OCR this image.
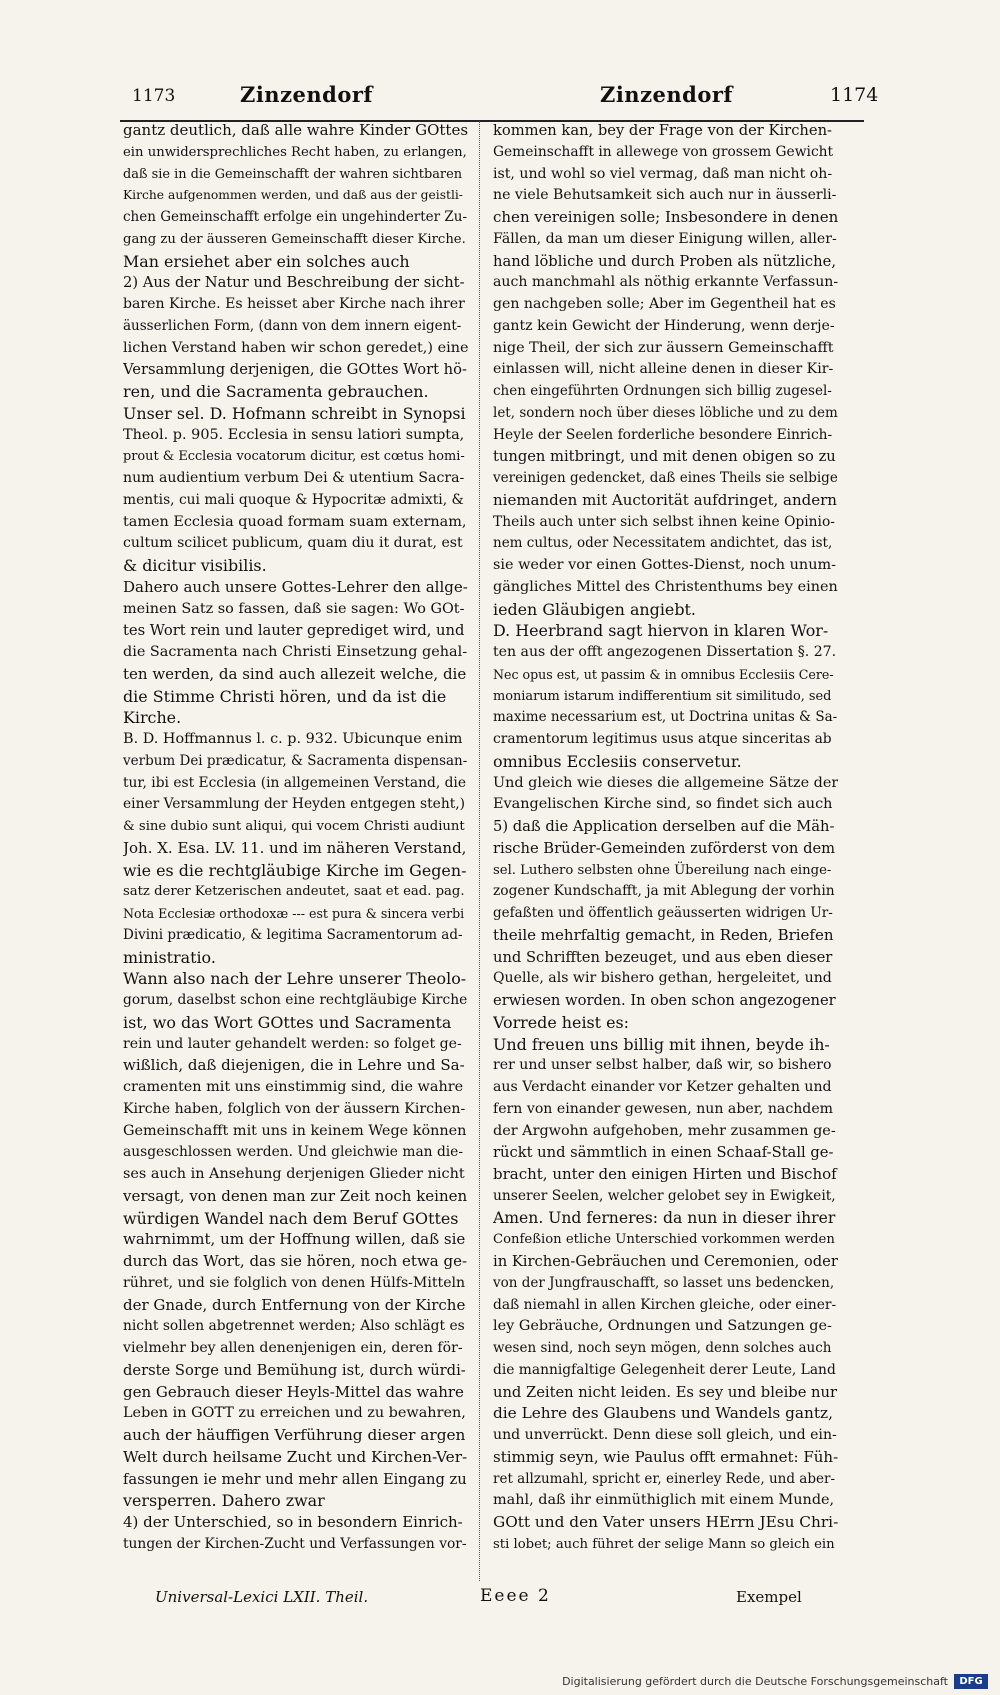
1173	Zinzendorf	Zinzendorf	1174

gantz deutlich, daß alle wahre Kinder GOttes

ein unwidersprechliches Recht haben, zu erlangen,

daß sie in die Gemeinschafft der wahren sichtbaren

Kirche aufgenommen werden, und daß aus der geistli-

chen Gemeinschafft erfolge ein ungehinderter Zu-

gang zu der äusseren Gemeinschafft dieser Kirche.

Man ersiehet aber ein solches auch

2) Aus der Natur und Beschreibung der sicht-

baren Kirche. Es heisset aber Kirche nach ihrer

äusserlichen Form, (dann von dem innern eigent-

lichen Verstand haben wir schon geredet,) eine

Versammlung derjenigen, die GOttes Wort hö-

ren, und die Sacramenta gebrauchen.

Unser sel. D. Hofmann schreibt in Synopsi

Theol. p. 905. Ecclesia in sensu latiori sumpta,

prout & Ecclesia vocatorum dicitur, est cœtus homi-

num audientium verbum Dei & utentium Sacra-

mentis, cui mali quoque & Hypocritæ admixti, &

tamen Ecclesia quoad formam suam externam,

cultum scilicet publicum, quam diu it durat, est

& dicitur visibilis.

Dahero auch unsere Gottes-Lehrer den allge-

meinen Satz so fassen, daß sie sagen: Wo GOt-

tes Wort rein und lauter geprediget wird, und

die Sacramenta nach Christi Einsetzung gehal-

ten werden, da sind auch allezeit welche, die

die Stimme Christi hören, und da ist die

Kirche.

B. D. Hoffmannus l. c. p. 932. Ubicunque enim

verbum Dei prædicatur, & Sacramenta dispensan-

tur, ibi est Ecclesia (in allgemeinen Verstand, die

einer Versammlung der Heyden entgegen steht,)

& sine dubio sunt aliqui, qui vocem Christi audiunt

Joh. X. Esa. LV. 11. und im näheren Verstand,

wie es die rechtgläubige Kirche im Gegen-

satz derer Ketzerischen andeutet, saat et ead. pag.

Nota Ecclesiæ orthodoxæ --- est pura & sincera verbi

Divini prædicatio, & legitima Sacramentorum ad-

ministratio.

Wann also nach der Lehre unserer Theolo-

gorum, daselbst schon eine rechtgläubige Kirche

ist, wo das Wort GOttes und Sacramenta

rein und lauter gehandelt werden: so folget ge-

wißlich, daß diejenigen, die in Lehre und Sa-

cramenten mit uns einstimmig sind, die wahre

Kirche haben, folglich von der äussern Kirchen-

Gemeinschafft mit uns in keinem Wege können

ausgeschlossen werden. Und gleichwie man die-

ses auch in Ansehung derjenigen Glieder nicht

versagt, von denen man zur Zeit noch keinen

würdigen Wandel nach dem Beruf GOttes

wahrnimmt, um der Hoffnung willen, daß sie

durch das Wort, das sie hören, noch etwa ge-

rühret, und sie folglich von denen Hülfs-Mitteln

der Gnade, durch Entfernung von der Kirche

nicht sollen abgetrennet werden; Also schlägt es

vielmehr bey allen denenjenigen ein, deren för-

derste Sorge und Bemühung ist, durch würdi-

gen Gebrauch dieser Heyls-Mittel das wahre

Leben in GOTT zu erreichen und zu bewahren,

auch der häuffigen Verführung dieser argen

Welt durch heilsame Zucht und Kirchen-Ver-

fassungen ie mehr und mehr allen Eingang zu

versperren. Dahero zwar

4) der Unterschied, so in besondern Einrich-

tungen der Kirchen-Zucht und Verfassungen vor-

kommen kan, bey der Frage von der Kirchen-

Gemeinschafft in allewege von grossem Gewicht

ist, und wohl so viel vermag, daß man nicht oh-

ne viele Behutsamkeit sich auch nur in äusserli-

chen vereinigen solle; Insbesondere in denen

Fällen, da man um dieser Einigung willen, aller-

hand löbliche und durch Proben als nützliche,

auch manchmahl als nöthig erkannte Verfassun-

gen nachgeben solle; Aber im Gegentheil hat es

gantz kein Gewicht der Hinderung, wenn derje-

nige Theil, der sich zur äussern Gemeinschafft

einlassen will, nicht alleine denen in dieser Kir-

chen eingeführten Ordnungen sich billig zugesel-

let, sondern noch über dieses löbliche und zu dem

Heyle der Seelen forderliche besondere Einrich-

tungen mitbringt, und mit denen obigen so zu

vereinigen gedencket, daß eines Theils sie selbige

niemanden mit Auctorität aufdringet, andern

Theils auch unter sich selbst ihnen keine Opinio-

nem cultus, oder Necessitatem andichtet, das ist,

sie weder vor einen Gottes-Dienst, noch unum-

gängliches Mittel des Christenthums bey einen

ieden Gläubigen angiebt.

D. Heerbrand sagt hiervon in klaren Wor-

ten aus der offt angezogenen Dissertation §. 27.

Nec opus est, ut passim & in omnibus Ecclesiis Cere-

moniarum istarum indifferentium sit similitudo, sed

maxime necessarium est, ut Doctrina unitas & Sa-

cramentorum legitimus usus atque sinceritas ab

omnibus Ecclesiis conservetur.

Und gleich wie dieses die allgemeine Sätze der

Evangelischen Kirche sind, so findet sich auch

5) daß die Application derselben auf die Mäh-

rische Brüder-Gemeinden zuförderst von dem

sel. Luthero selbsten ohne Übereilung nach einge-

zogener Kundschafft, ja mit Ablegung der vorhin

gefaßten und öffentlich geäusserten widrigen Ur-

theile mehrfaltig gemacht, in Reden, Briefen

und Schrifften bezeuget, und aus eben dieser

Quelle, als wir bishero gethan, hergeleitet, und

erwiesen worden. In oben schon angezogener

Vorrede heist es:

Und freuen uns billig mit ihnen, beyde ih-

rer und unser selbst halber, daß wir, so bishero

aus Verdacht einander vor Ketzer gehalten und

fern von einander gewesen, nun aber, nachdem

der Argwohn aufgehoben, mehr zusammen ge-

rückt und sämmtlich in einen Schaaf-Stall ge-

bracht, unter den einigen Hirten und Bischof

unserer Seelen, welcher gelobet sey in Ewigkeit,

Amen. Und ferneres: da nun in dieser ihrer

Confeßion etliche Unterschied vorkommen werden

in Kirchen-Gebräuchen und Ceremonien, oder

von der Jungfrauschafft, so lasset uns bedencken,

daß niemahl in allen Kirchen gleiche, oder einer-

ley Gebräuche, Ordnungen und Satzungen ge-

wesen sind, noch seyn mögen, denn solches auch

die mannigfaltige Gelegenheit derer Leute, Land

und Zeiten nicht leiden. Es sey und bleibe nur

die Lehre des Glaubens und Wandels gantz,

und unverrückt. Denn diese soll gleich, und ein-

stimmig seyn, wie Paulus offt ermahnet: Füh-

ret allzumahl, spricht er, einerley Rede, und aber-

mahl, daß ihr einmüthiglich mit einem Munde,

GOtt und den Vater unsers HErrn JEsu Chri-

sti lobet; auch führet der selige Mann so gleich ein

Universal-Lexici LXII. Theil.	Eeee 2	Exempel
Digitalisierung gefördert durch die Deutsche Forschungsgemeinschaft	DFG
